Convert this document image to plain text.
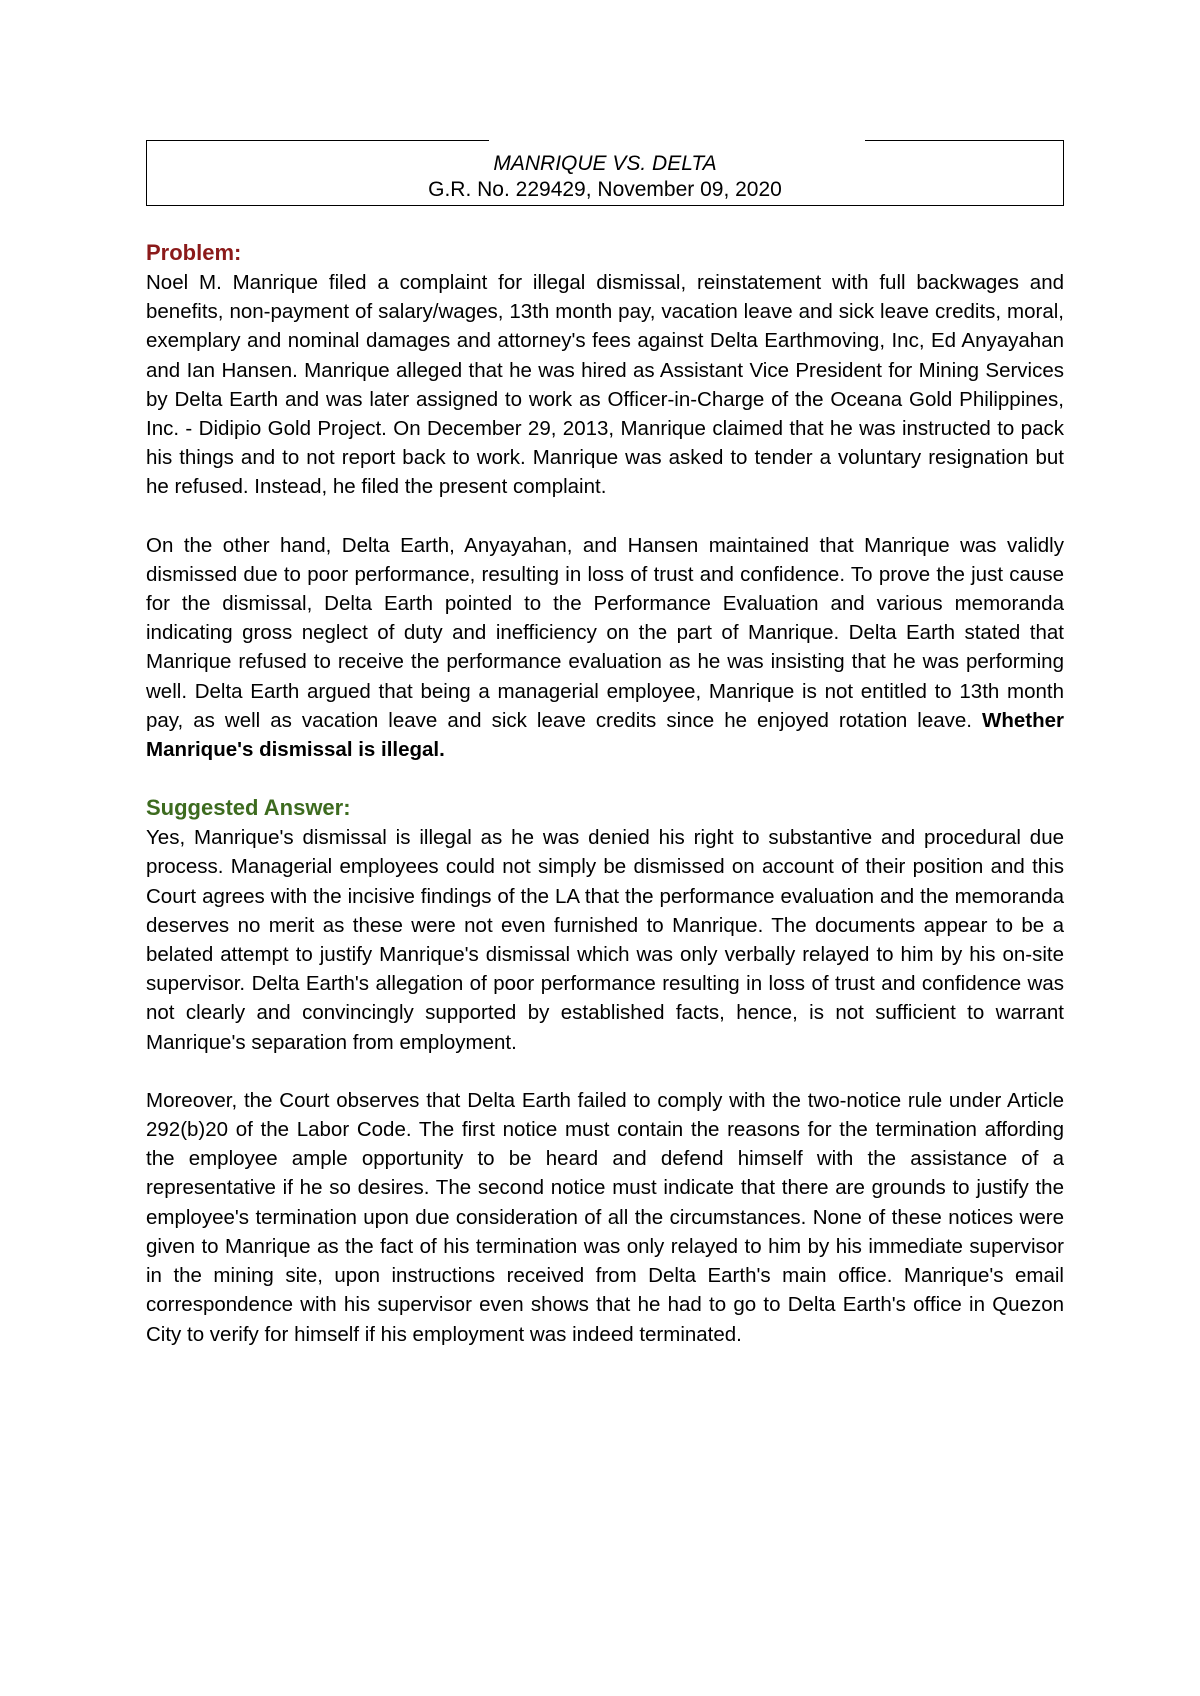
MANRIQUE VS. DELTA
G.R. No. 229429, November 09, 2020
Problem:

Noel M. Manrique filed a complaint for illegal dismissal, reinstatement with full backwages and benefits, non-payment of salary/wages, 13th month pay, vacation leave and sick leave credits, moral, exemplary and nominal damages and attorney's fees against Delta Earthmoving, Inc, Ed Anyayahan and Ian Hansen. Manrique alleged that he was hired as Assistant Vice President for Mining Services by Delta Earth and was later assigned to work as Officer-in-Charge of the Oceana Gold Philippines, Inc. - Didipio Gold Project. On December 29, 2013, Manrique claimed that he was instructed to pack his things and to not report back to work. Manrique was asked to tender a voluntary resignation but he refused. Instead, he filed the present complaint.

On the other hand, Delta Earth, Anyayahan, and Hansen maintained that Manrique was validly dismissed due to poor performance, resulting in loss of trust and confidence. To prove the just cause for the dismissal, Delta Earth pointed to the Performance Evaluation and various memoranda indicating gross neglect of duty and inefficiency on the part of Manrique. Delta Earth stated that Manrique refused to receive the performance evaluation as he was insisting that he was performing well. Delta Earth argued that being a managerial employee, Manrique is not entitled to 13th month pay, as well as vacation leave and sick leave credits since he enjoyed rotation leave. Whether Manrique's dismissal is illegal.

Suggested Answer:

Yes, Manrique's dismissal is illegal as he was denied his right to substantive and procedural due process. Managerial employees could not simply be dismissed on account of their position and this Court agrees with the incisive findings of the LA that the performance evaluation and the memoranda deserves no merit as these were not even furnished to Manrique. The documents appear to be a belated attempt to justify Manrique's dismissal which was only verbally relayed to him by his on-site supervisor. Delta Earth's allegation of poor performance resulting in loss of trust and confidence was not clearly and convincingly supported by established facts, hence, is not sufficient to warrant Manrique's separation from employment.

Moreover, the Court observes that Delta Earth failed to comply with the two-notice rule under Article 292(b)20 of the Labor Code. The first notice must contain the reasons for the termination affording the employee ample opportunity to be heard and defend himself with the assistance of a representative if he so desires. The second notice must indicate that there are grounds to justify the employee's termination upon due consideration of all the circumstances. None of these notices were given to Manrique as the fact of his termination was only relayed to him by his immediate supervisor in the mining site, upon instructions received from Delta Earth's main office. Manrique's email correspondence with his supervisor even shows that he had to go to Delta Earth's office in Quezon City to verify for himself if his employment was indeed terminated.
